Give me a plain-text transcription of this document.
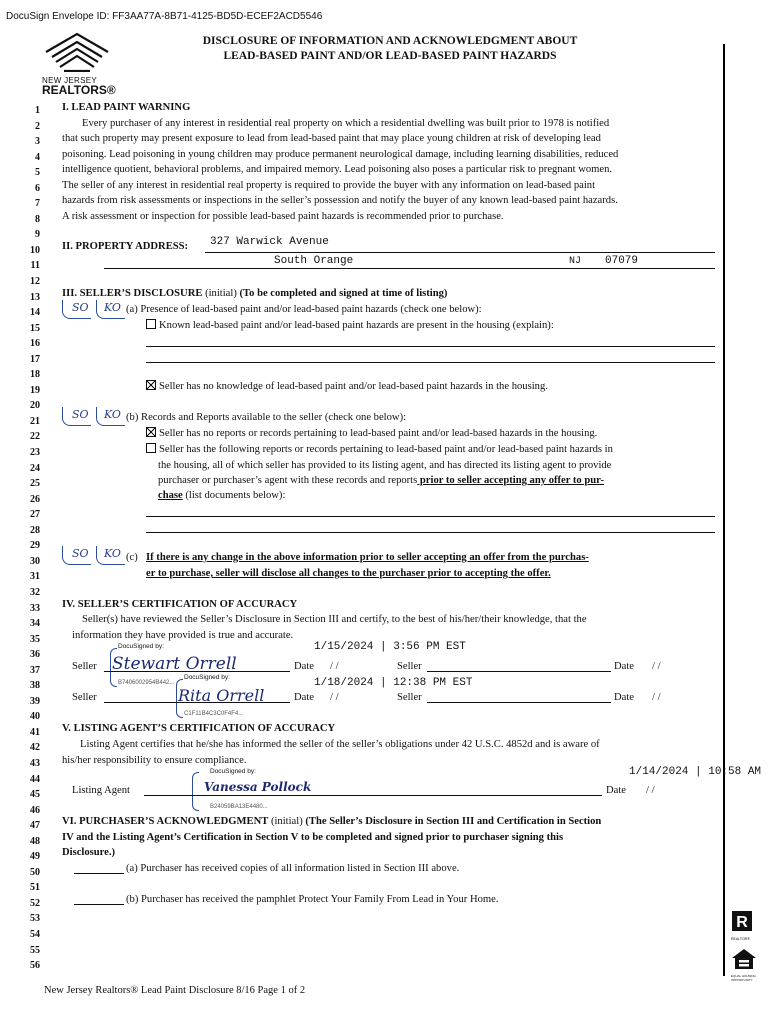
DocuSign Envelope ID: FF3AA77A-8B71-4125-BD5D-ECEF2ACD5546
NEW JERSEY
REALTORS®
DISCLOSURE OF INFORMATION AND ACKNOWLEDGMENT ABOUT
LEAD-BASED PAINT AND/OR LEAD-BASED PAINT HAZARDS
1
2
3
4
5
6
7
8
9
10
11
12
13
14
15
16
17
18
19
20
21
22
23
24
25
26
27
28
29
30
31
32
33
34
35
36
37
38
39
40
41
42
43
44
45
46
47
48
49
50
51
52
53
54
55
56
I. LEAD PAINT WARNING
Every purchaser of any interest in residential real property on which a residential dwelling was built prior to 1978 is notified
that such property may present exposure to lead from lead-based paint that may place young children at risk of developing lead
poisoning. Lead poisoning in young children may produce permanent neurological damage, including learning disabilities, reduced
intelligence quotient, behavioral problems, and impaired memory. Lead poisoning also poses a particular risk to pregnant women.
The seller of any interest in residential real property is required to provide the buyer with any information on lead-based paint
hazards from risk assessments or inspections in the seller’s possession and notify the buyer of any known lead-based paint hazards.
A risk assessment or inspection for possible lead-based paint hazards is recommended prior to purchase.
II. PROPERTY ADDRESS: 327 Warwick Avenue
South Orange	NJ 07079
III. SELLER’S DISCLOSURE (initial) (To be completed and signed at time of listing)
SO KO (a) Presence of lead-based paint and/or lead-based paint hazards (check one below):
Known lead-based paint and/or lead-based paint hazards are present in the housing (explain):
Seller has no knowledge of lead-based paint and/or lead-based paint hazards in the housing.
SO KO (b) Records and Reports available to the seller (check one below):
Seller has no reports or records pertaining to lead-based paint and/or lead-based hazards in the housing.
Seller has the following reports or records pertaining to lead-based paint and/or lead-based paint hazards in
the housing, all of which seller has provided to its listing agent, and has directed its listing agent to provide
purchaser or purchaser’s agent with these records and reports prior to seller accepting any offer to pur-
chase (list documents below):
SO KO (c) If there is any change in the above information prior to seller accepting an offer from the purchas-
er to purchase, seller will disclose all changes to the purchaser prior to accepting the offer.
IV. SELLER’S CERTIFICATION OF ACCURACY
Seller(s) have reviewed the Seller’s Disclosure in Section III and certify, to the best of his/her/their knowledge, that the
information they have provided is true and accurate.
DocuSigned by:	1/15/2024 | 3:56 PM EST
Seller Stewart Orrell
B7406002954B442...
Date / /	Seller	Date / /
DocuSigned by:	1/18/2024 | 12:38 PM EST
Seller	Rita Orrell
C1F11B4C3C0F4F4...
Date / /	Seller	Date / /
V. LISTING AGENT’S CERTIFICATION OF ACCURACY
Listing Agent certifies that he/she has informed the seller of the seller’s obligations under 42 U.S.C. 4852d and is aware of
his/her responsibility to ensure compliance.
DocuSigned by:	1/14/2024 | 10:58 AM
Listing Agent	Vanessa Pollock
B24059BA13E4480...
Date / /
VI. PURCHASER’S ACKNOWLEDGMENT (initial) (The Seller’s Disclosure in Section III and Certification in Section
IV and the Listing Agent’s Certification in Section V to be completed and signed prior to purchaser signing this
Disclosure.)
(a) Purchaser has received copies of all information listed in Section III above.
(b) Purchaser has received the pamphlet Protect Your Family From Lead in Your Home.
R
REALTOR®
EQUAL HOUSING OPPORTUNITY
New Jersey Realtors® Lead Paint Disclosure 8/16 Page 1 of 2
